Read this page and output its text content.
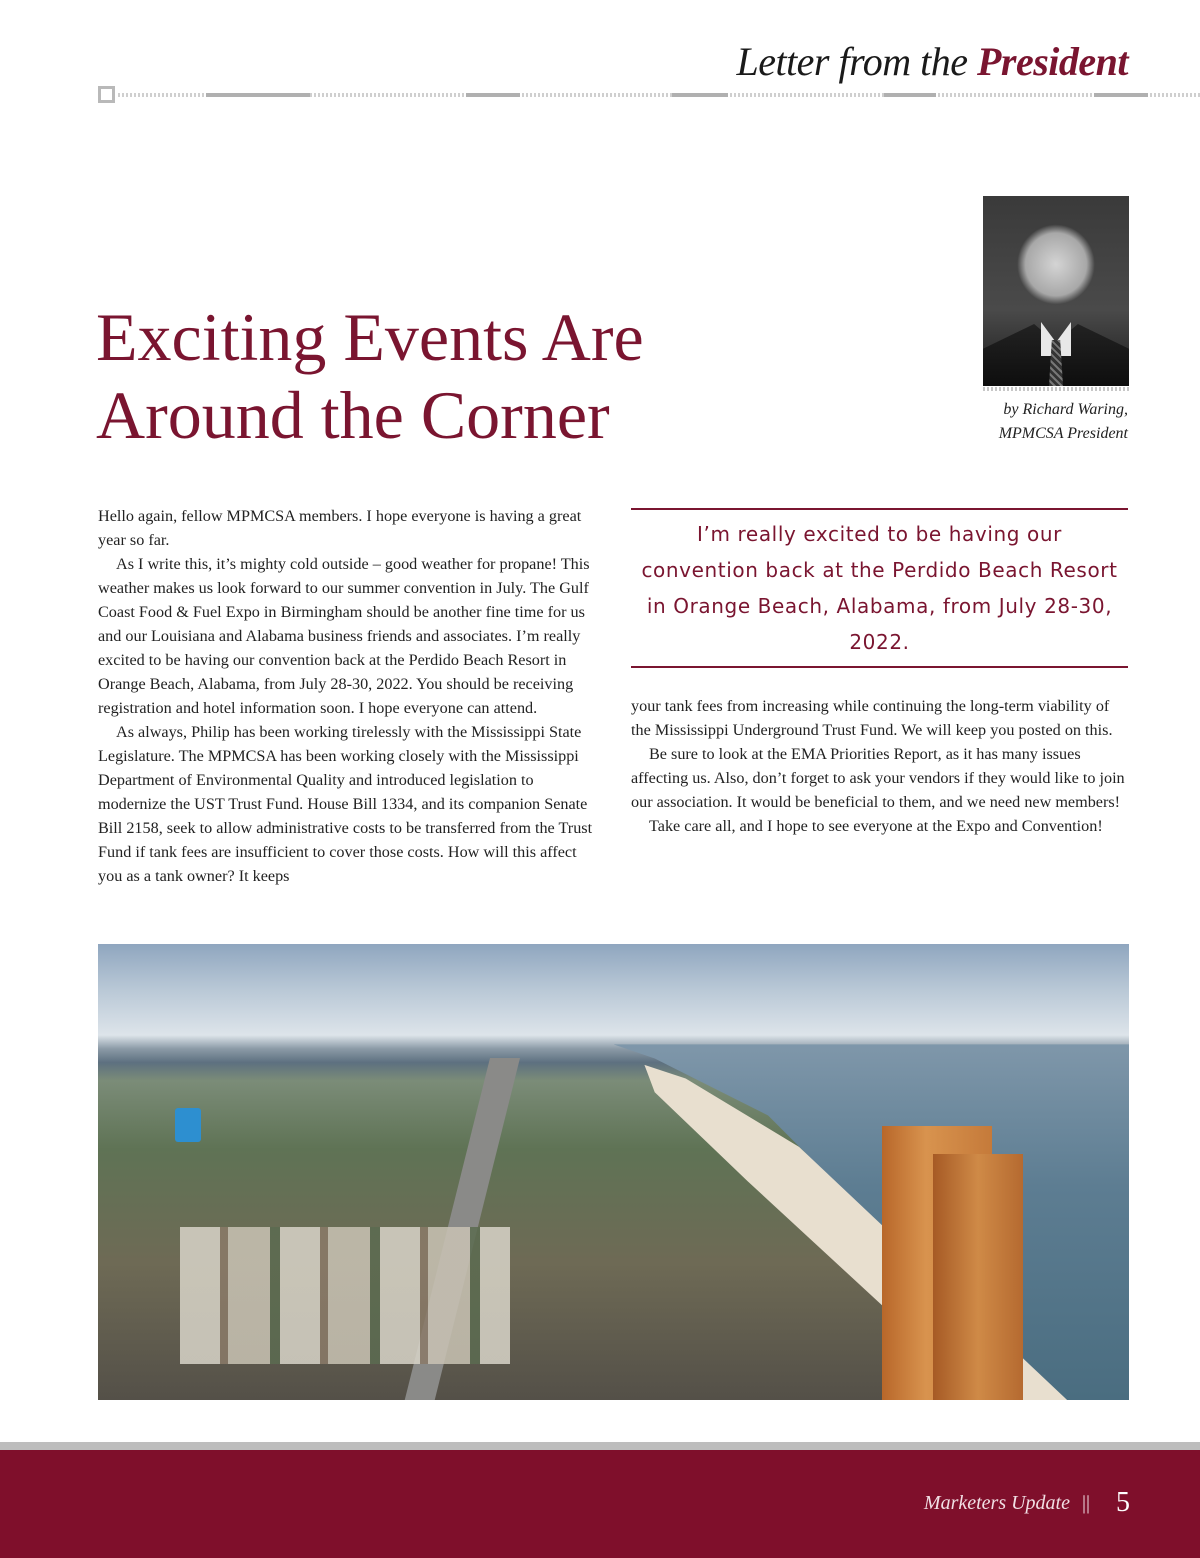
Letter from the President
Exciting Events Are
Around the Corner	by Richard Waring,
MPMCSA President

Hello again, fellow MPMCSA members. I hope everyone is having a great year so far.

As I write this, it’s mighty cold outside – good weather for propane! This weather makes us look forward to our summer convention in July. The Gulf Coast Food & Fuel Expo in Birmingham should be another fine time for us and our Louisiana and Alabama business friends and associates. I’m really excited to be having our convention back at the Perdido Beach Resort in Orange Beach, Alabama, from July 28-30, 2022. You should be receiving registration and hotel information soon. I hope everyone can attend.

As always, Philip has been working tirelessly with the Mississippi State Legislature. The MPMCSA has been working closely with the Mississippi Department of Environmental Quality and introduced legislation to modernize the UST Trust Fund. House Bill 1334, and its companion Senate Bill 2158, seek to allow administrative costs to be transferred from the Trust Fund if tank fees are insufficient to cover those costs. How will this affect you as a tank owner? It keeps

I’m really excited to be having our convention back at the Perdido Beach Resort in Orange Beach, Alabama, from July 28-30, 2022.

your tank fees from increasing while continuing the long-term viability of the Mississippi Underground Trust Fund. We will keep you posted on this.

Be sure to look at the EMA Priorities Report, as it has many issues affecting us. Also, don’t forget to ask your vendors if they would like to join our association. It would be beneficial to them, and we need new members!

Take care all, and I hope to see everyone at the Expo and Convention!

Marketers Update || 5
